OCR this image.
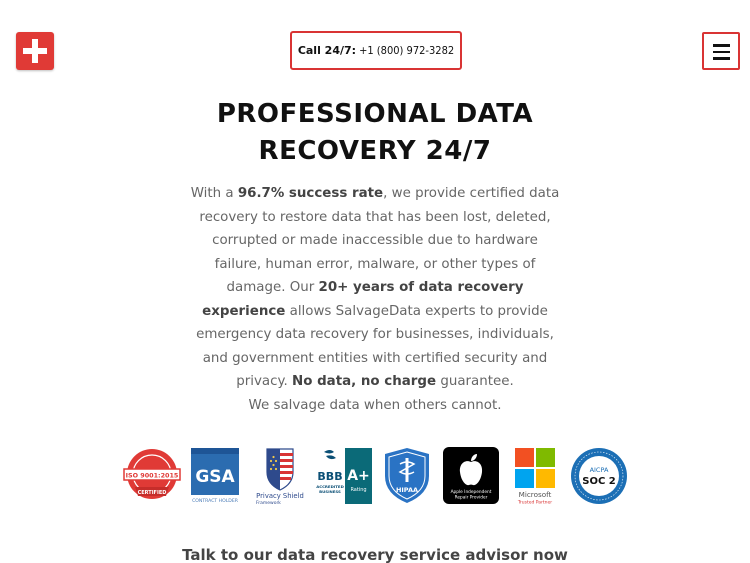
Call 24/7: +1 (800) 972-3282
PROFESSIONAL DATA
RECOVERY 24/7

With a 96.7% success rate, we provide certified data recovery to restore data that has been lost, deleted, corrupted or made inaccessible due to hardware failure, human error, malware, or other types of damage. Our 20+ years of data recovery experience allows SalvageData experts to provide emergency data recovery for businesses, individuals, and government entities with certified security and privacy. No data, no charge guarantee.
We salvage data when others cannot.

ISO 9001:2015
CERTIFIED
GSA
CONTRACT HOLDER
Privacy Shield
Framework
BBB
ACCREDITED
BUSINESS
A+
Rating	HIPAA	Apple Independent
Repair Provider	Microsoft
Trusted Partner
AICPA
SOC 2
Talk to our data recovery service advisor now
